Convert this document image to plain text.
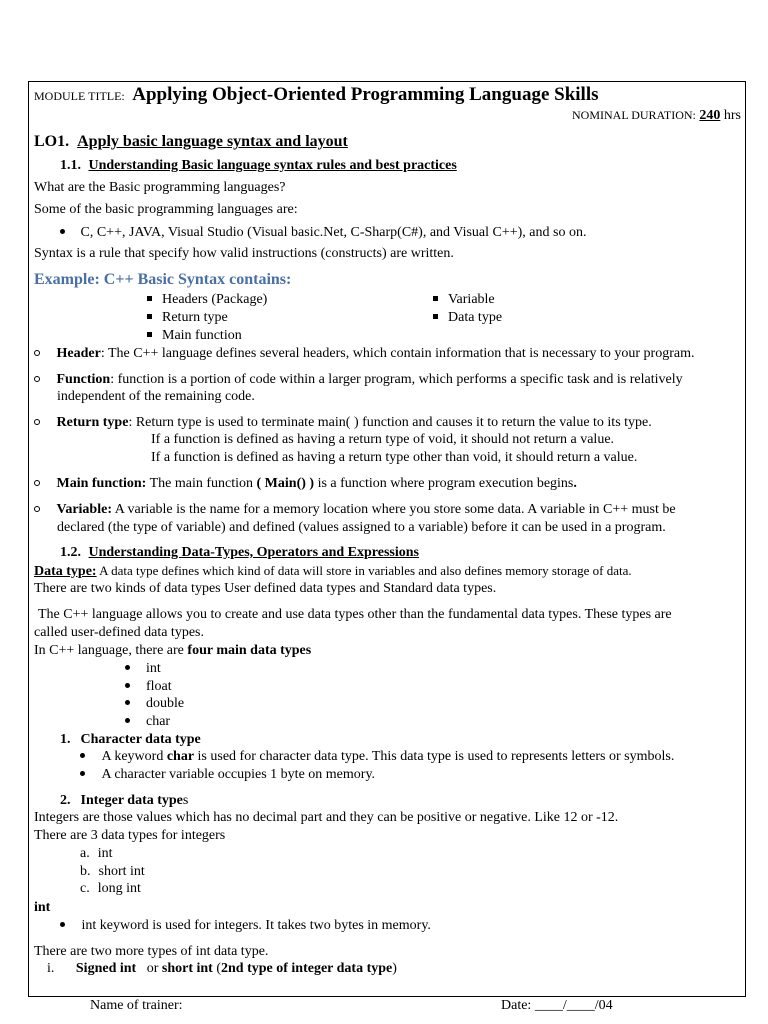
MODULE TITLE: Applying Object-Oriented Programming Language Skills
NOMINAL DURATION: 240 hrs
LO1. Apply basic language syntax and layout
1.1. Understanding Basic language syntax rules and best practices
What are the Basic programming languages?
Some of the basic programming languages are:
C, C++, JAVA, Visual Studio (Visual basic.Net, C-Sharp(C#), and Visual C++), and so on.
Syntax is a rule that specify how valid instructions (constructs) are written.
Example: C++ Basic Syntax contains:
Headers (Package)
Return type
Main function
Variable
Data type
Header: The C++ language defines several headers, which contain information that is necessary to your program.
Function: function is a portion of code within a larger program, which performs a specific task and is relatively
independent of the remaining code.
Return type: Return type is used to terminate main( ) function and causes it to return the value to its type.
If a function is defined as having a return type of void, it should not return a value.
If a function is defined as having a return type other than void, it should return a value.
Main function: The main function ( Main() ) is a function where program execution begins.
Variable: A variable is the name for a memory location where you store some data. A variable in C++ must be
declared (the type of variable) and defined (values assigned to a variable) before it can be used in a program.
1.2. Understanding Data-Types, Operators and Expressions
Data type: A data type defines which kind of data will store in variables and also defines memory storage of data.
There are two kinds of data types User defined data types and Standard data types.
The C++ language allows you to create and use data types other than the fundamental data types. These types are
called user-defined data types.
In C++ language, there are four main data types
int
float
double
char
1. Character data type
A keyword char is used for character data type. This data type is used to represents letters or symbols.
A character variable occupies 1 byte on memory.
2. Integer data types
Integers are those values which has no decimal part and they can be positive or negative. Like 12 or -12.
There are 3 data types for integers
a. int
b. short int
c. long int
int
int keyword is used for integers. It takes two bytes in memory.
There are two more types of int data type.
i. Signed int   or short int (2nd type of integer data type)
Name of trainer:	Date: ____/____/04
